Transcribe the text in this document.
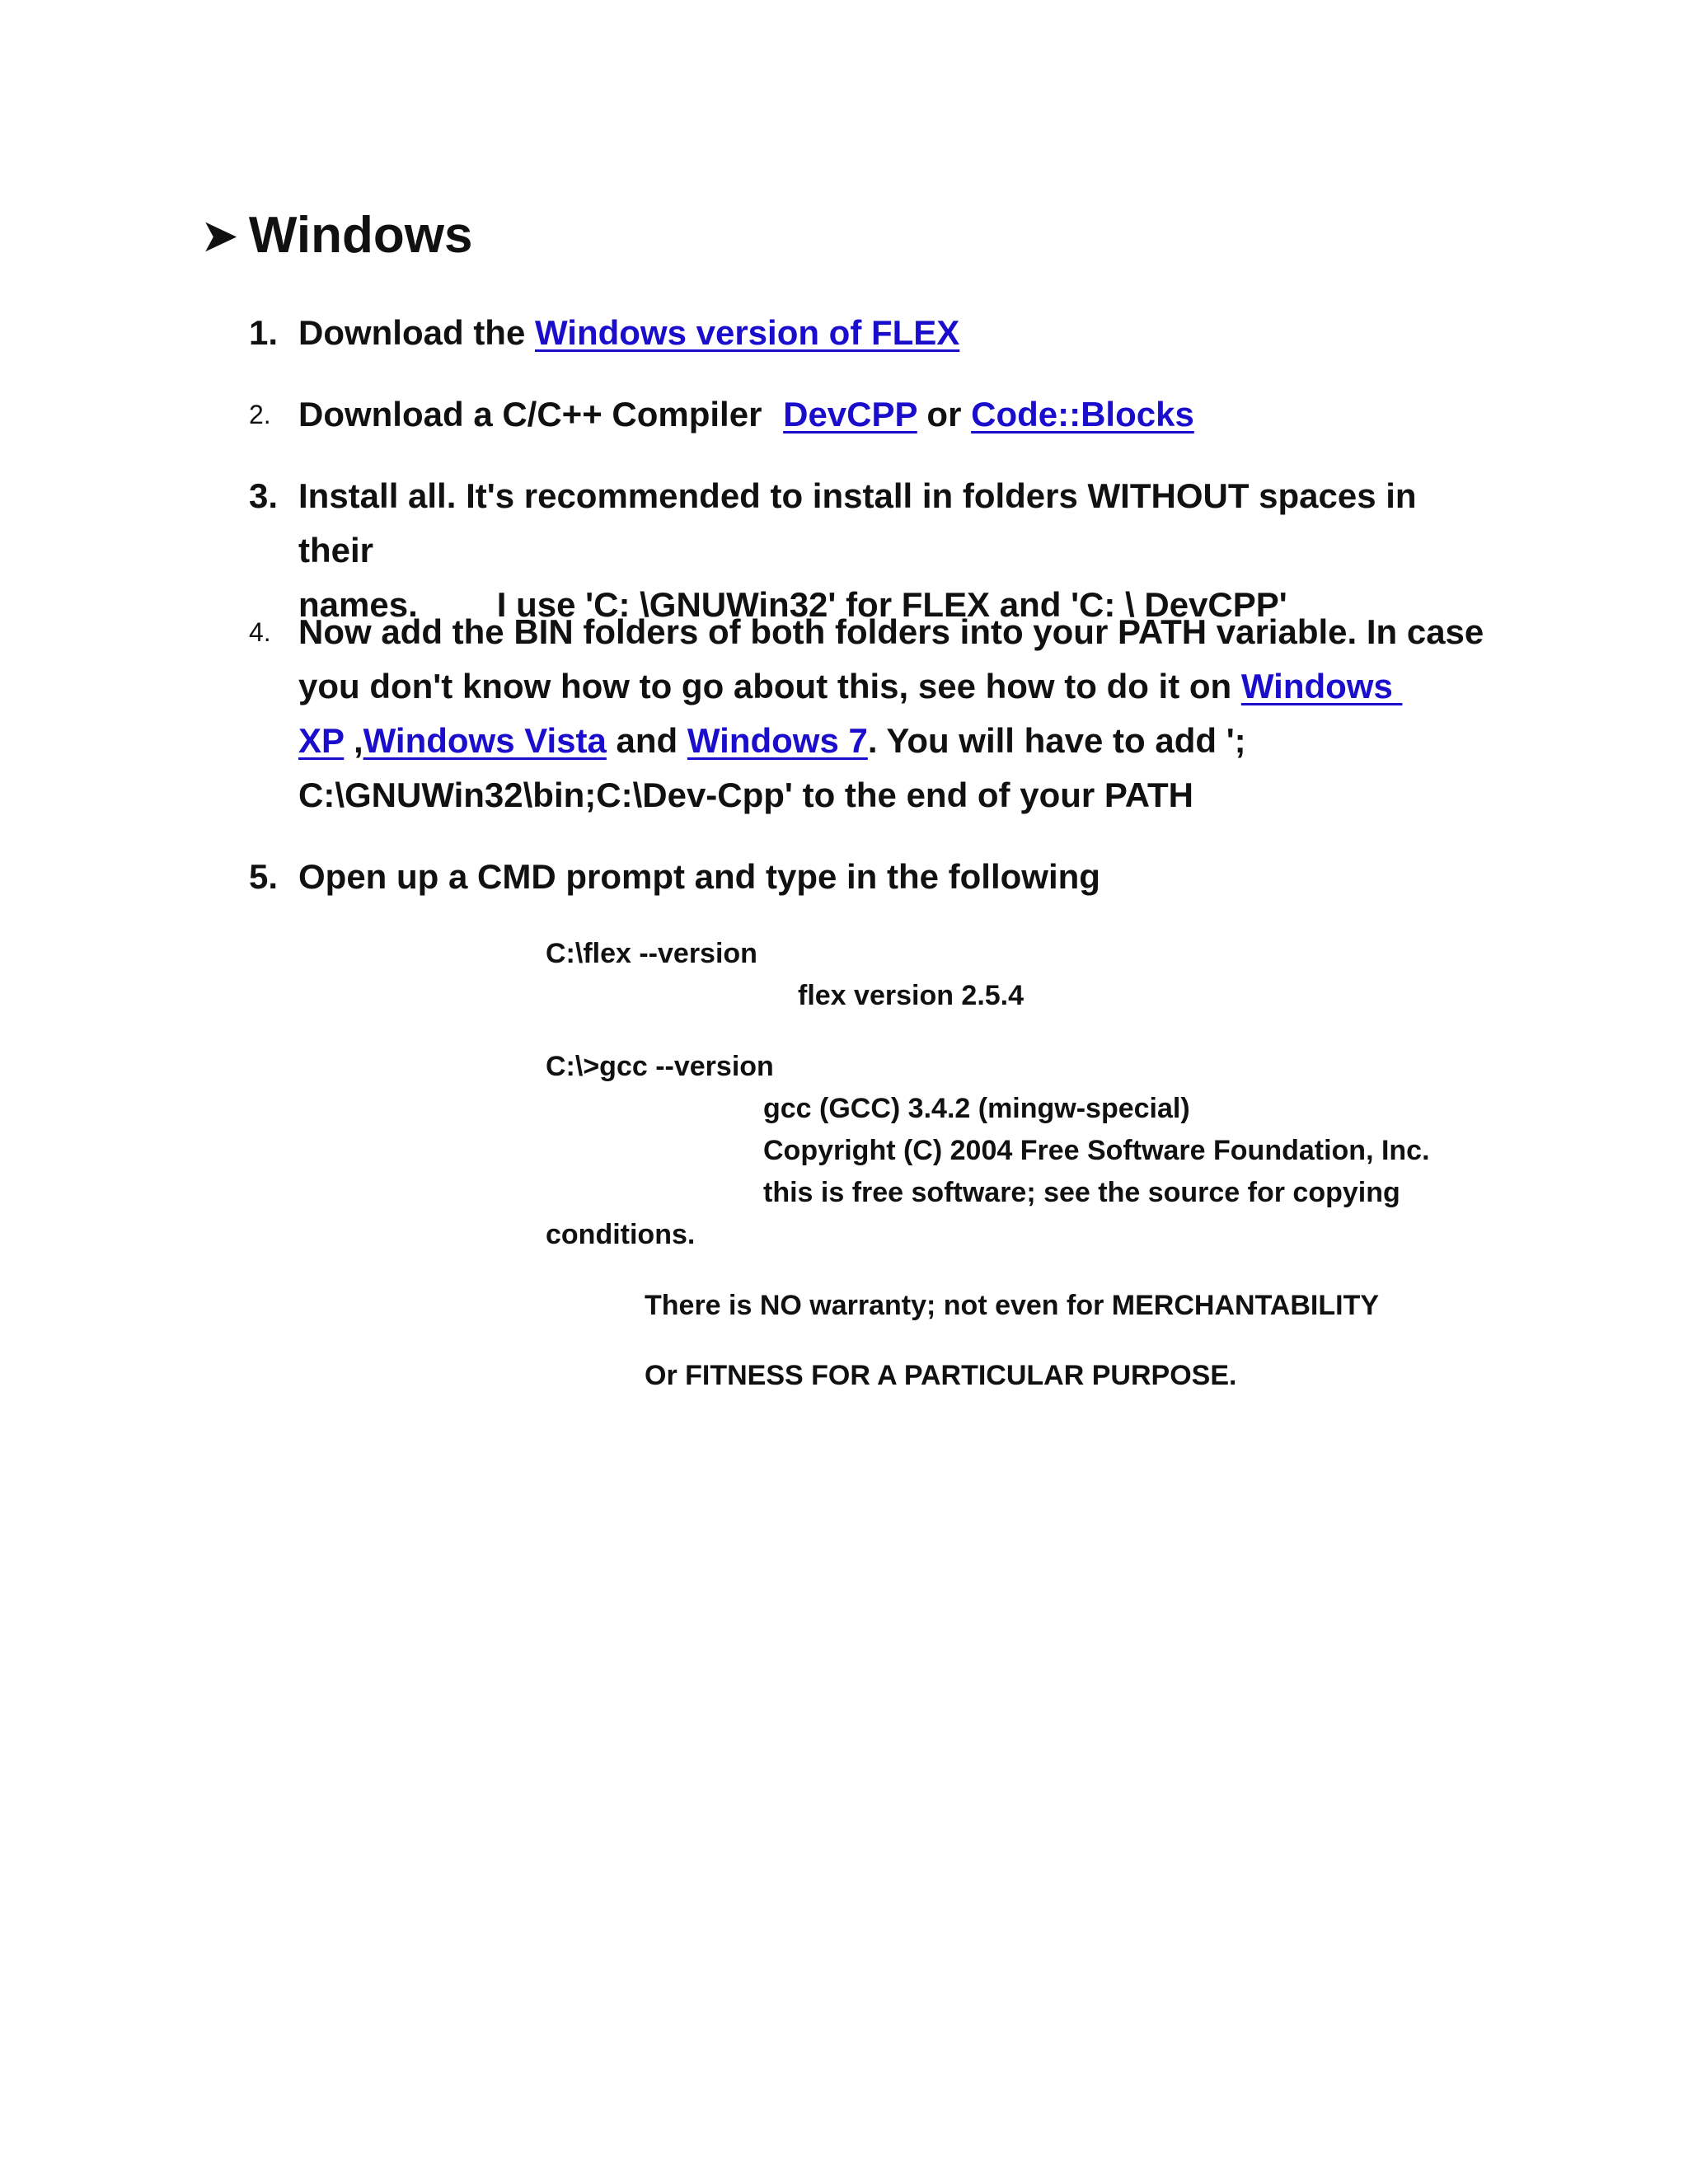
➤ Windows
1. Download the Windows version of FLEX
2. Download a C/C++ Compiler DevCPP or Code::Blocks
3. Install all. It's recommended to install in folders WITHOUT spaces in their
names. I use 'C: \GNUWin32' for FLEX and 'C: \ DevCPP'
4. Now add the BIN folders of both folders into your PATH variable. In case
you don't know how to go about this, see how to do it on Windows
XP ,Windows Vista and Windows 7. You will have to add ';
C:\GNUWin32\bin;C:\Dev-Cpp' to the end of your PATH
5. Open up a CMD prompt and type in the following
C:\flex --version
flex version 2.5.4
C:\>gcc --version
gcc (GCC) 3.4.2 (mingw-special)
Copyright (C) 2004 Free Software Foundation, Inc.
this is free software; see the source for copying
conditions.
There is NO warranty; not even for MERCHANTABILITY
Or FITNESS FOR A PARTICULAR PURPOSE.
